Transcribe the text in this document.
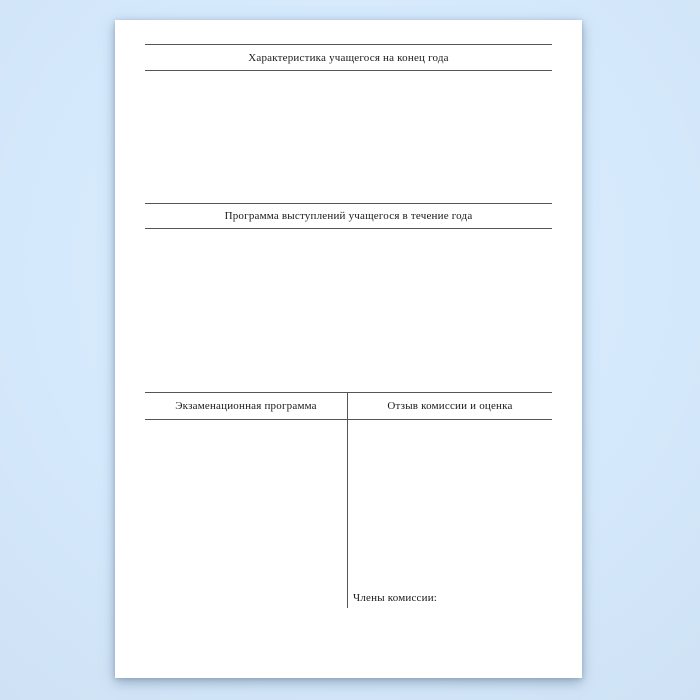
Характеристика учащегося на конец года
Программа выступлений учащегося в течение года
Экзаменационная программа	Отзыв комиссии и оценка
Члены комиссии:
